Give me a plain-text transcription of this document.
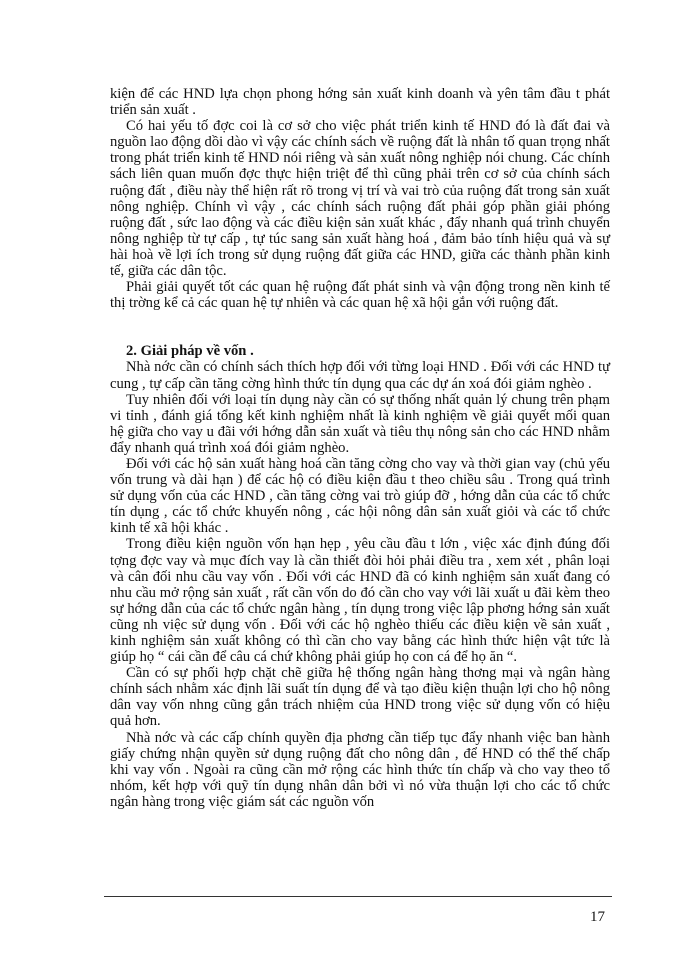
kiện để các HND lựa chọn phong hớng sản xuất kinh doanh và yên tâm đầu t phát triển sản xuất .

Có hai yếu tố đợc coi là cơ sở cho việc phát triển kinh tế HND đó là đất đai và nguồn lao động dồi dào vì vậy các chính sách về ruộng đất là nhân tố quan trọng nhất trong phát triển kinh tế HND nói riêng và sản xuất nông nghiệp nói chung. Các chính sách liên quan muốn đợc thực hiện triệt để thì cũng phải trên cơ sở của chính sách ruộng đất , điều này thể hiện rất rõ trong vị trí và vai trò của ruộng đất trong sản xuất nông nghiệp. Chính vì vậy , các chính sách ruộng đất phải góp phần giải phóng ruộng đất , sức lao động và các điều kiện sản xuất khác , đẩy nhanh quá trình chuyển nông nghiệp từ tự cấp , tự túc sang sản xuất hàng hoá , đảm bảo tính hiệu quả và sự hài hoà về lợi ích trong sử dụng ruộng đất giữa các HND, giữa các thành phần kinh tế, giữa các dân tộc.

Phải giải quyết tốt các quan hệ ruộng đất phát sinh và vận động trong nền kinh tế thị trờng kể cả các quan hệ tự nhiên và các quan hệ xã hội gắn với ruộng đất.

2. Giải pháp về vốn .

Nhà nớc cần có chính sách thích hợp đối với từng loại HND . Đối với các HND tự cung , tự cấp cần tăng cờng hình thức tín dụng qua các dự án xoá đói giảm nghèo .

Tuy nhiên đối với loại tín dụng này cần có sự thống nhất quản lý chung trên phạm vi tỉnh , đánh giá tổng kết kinh nghiệm nhất là kinh nghiệm về giải quyết mối quan hệ giữa cho vay u đãi với hớng dẫn sản xuất và tiêu thụ nông sản cho các HND nhằm đẩy nhanh quá trình xoá đói giảm nghèo.

Đối với các hộ sản xuất hàng hoá cần tăng cờng cho vay và thời gian vay (chủ yếu vốn trung và dài hạn ) để các hộ có điều kiện đầu t theo chiều sâu . Trong quá trình sử dụng vốn của các HND , cần tăng cờng vai trò giúp đỡ , hớng dẫn của các tổ chức tín dụng , các tổ chức khuyến nông , các hội nông dân sản xuất giỏi và các tổ chức kinh tế xã hội khác .

Trong điều kiện nguồn vốn hạn hẹp , yêu cầu đầu t lớn , việc xác định đúng đối tợng đợc vay và mục đích vay là cần thiết đòi hỏi phải điều tra , xem xét , phân loại và cân đối nhu cầu vay vốn . Đối với các HND đã có kinh nghiệm sản xuất đang có nhu cầu mở rộng sản xuất , rất cần vốn do đó cần cho vay với lãi xuất u đãi kèm theo sự hớng dẫn của các tổ chức ngân hàng , tín dụng trong việc lập phơng hớng sản xuất cũng nh việc sử dụng vốn . Đối với các hộ nghèo thiếu các điều kiện về sản xuất , kinh nghiệm sản xuất không có thì cần cho vay bằng các hình thức hiện vật tức là giúp họ “ cái cần để câu cá chứ không phải giúp họ con cá để họ ăn “.

Cần có sự phối hợp chặt chẽ giữa hệ thống ngân hàng thơng mại và ngân hàng chính sách nhằm xác định lãi suất tín dụng để và tạo điều kiện thuận lợi cho hộ nông dân vay vốn nhng cũng gắn trách nhiệm của HND trong việc sử dụng vốn có hiệu quả hơn.

Nhà nớc và các cấp chính quyền địa phơng cần tiếp tục đẩy nhanh việc ban hành giấy chứng nhận quyền sử dụng ruộng đất cho nông dân , để HND có thể thế chấp khi vay vốn . Ngoài ra cũng cần mở rộng các hình thức tín chấp và cho vay theo tổ nhóm, kết hợp với quỹ tín dụng nhân dân bởi vì nó vừa thuận lợi cho các tổ chức ngân hàng trong việc giám sát các nguồn vốn

17
